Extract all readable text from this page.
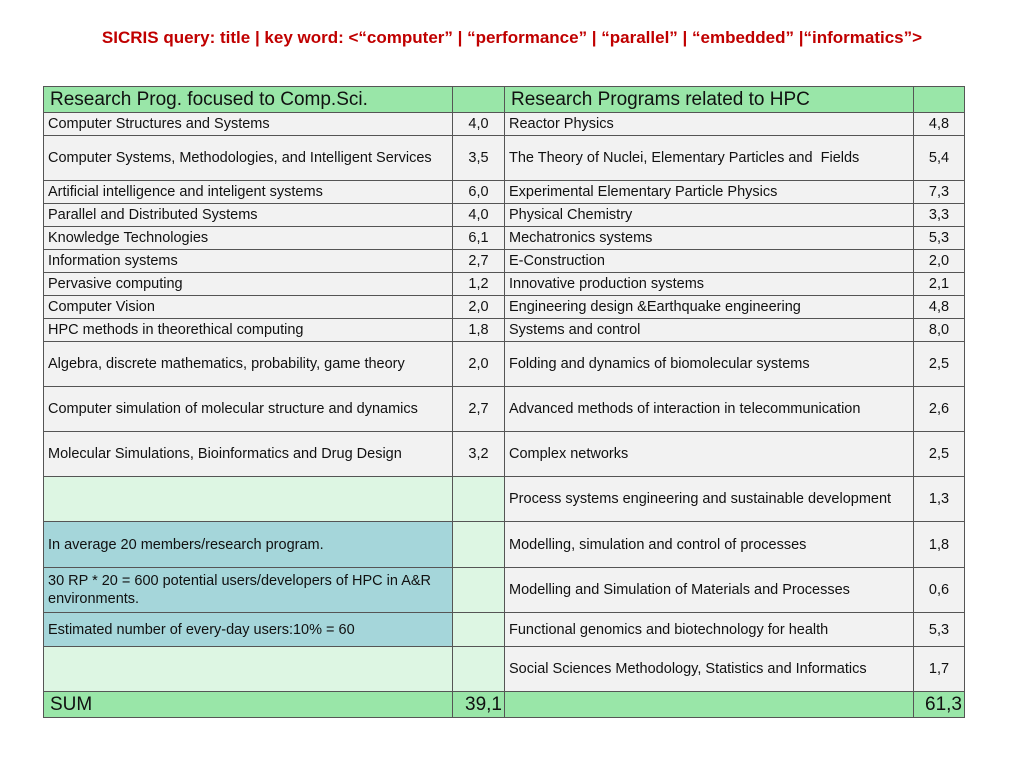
SICRIS query: title | key word: <“computer” | “performance” | “parallel” | “embedded” |“informatics”>
Research Prog. focused to Comp.Sci.		Research Programs related to HPC	
Computer Structures and Systems	4,0	Reactor Physics	4,8
Computer Systems, Methodologies, and Intelligent Services	3,5	The Theory of Nuclei, Elementary Particles and  Fields	5,4
Artificial intelligence and inteligent systems	6,0	Experimental Elementary Particle Physics	7,3
Parallel and Distributed Systems	4,0	Physical Chemistry	3,3
Knowledge Technologies	6,1	Mechatronics systems	5,3
Information systems	2,7	E-Construction	2,0
Pervasive computing	1,2	Innovative production systems	2,1
Computer Vision	2,0	Engineering design &Earthquake engineering	4,8
HPC methods in theorethical computing	1,8	Systems and control	8,0
Algebra, discrete mathematics, probability, game theory	2,0	Folding and dynamics of biomolecular systems	2,5
Computer simulation of molecular structure and dynamics	2,7	Advanced methods of interaction in telecommunication	2,6
Molecular Simulations, Bioinformatics and Drug Design	3,2	Complex networks	2,5
		Process systems engineering and sustainable development	1,3
In average 20 members/research program.		Modelling, simulation and control of processes	1,8
30 RP * 20 = 600 potential users/developers of HPC in A&R environments.		Modelling and Simulation of Materials and Processes	0,6
Estimated number of every-day users:10% = 60		Functional genomics and biotechnology for health	5,3
		Social Sciences Methodology, Statistics and Informatics	1,7
SUM	39,1		61,3
